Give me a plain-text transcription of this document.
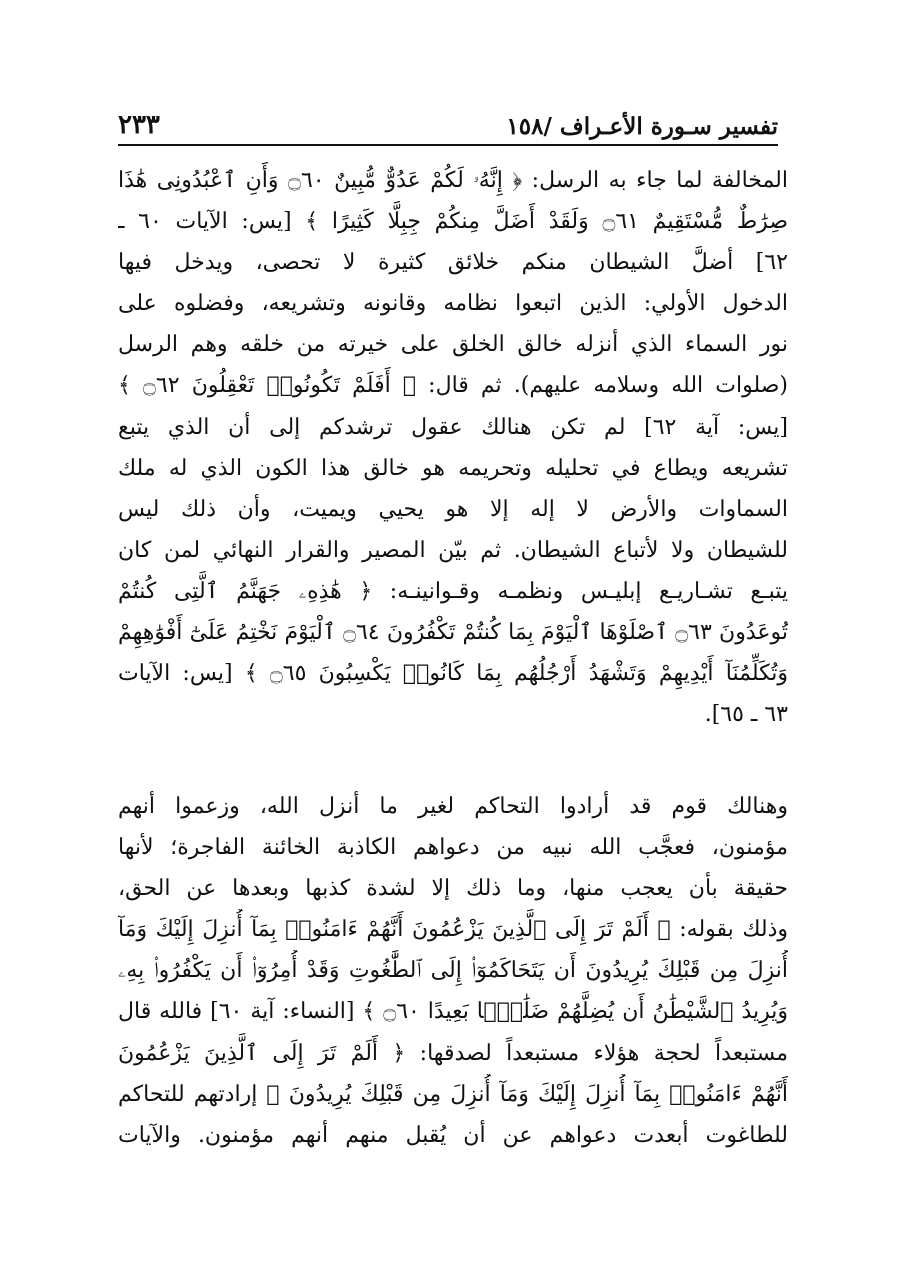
تفسير سـورة الأعـراف /١٥٨
٢٣٣
المخالفة لما جاء به الرسل: ﴿ إِنَّهُۥ لَكُمْ عَدُوٌّ مُّبِينٌ ۝٦٠ وَأَنِ ٱعْبُدُونِى هَٰذَا
صِرَٰطٌ مُّسْتَقِيمٌ ۝٦١ وَلَقَدْ أَضَلَّ مِنكُمْ جِبِلًّا كَثِيرًا ﴾ [يس: الآيات ٦٠ ـ
٦٢] أضلَّ الشيطان منكم خلائق كثيرة لا تحصى، ويدخل فيها
الدخول الأولي: الذين اتبعوا نظامه وقانونه وتشريعه، وفضلوه على
نور السماء الذي أنزله خالق الخلق على خيرته من خلقه وهم الرسل
(صلوات الله وسلامه عليهم). ثم قال: ﴿ أَفَلَمْ تَكُونُوا۟ تَعْقِلُونَ ۝٦٢ ﴾
[يس: آية ٦٢] لم تكن هنالك عقول ترشدكم إلى أن الذي يتبع
تشريعه ويطاع في تحليله وتحريمه هو خالق هذا الكون الذي له ملك
السماوات والأرض لا إله إلا هو يحيي ويميت، وأن ذلك ليس
للشيطان ولا لأتباع الشيطان. ثم بيّن المصير والقرار النهائي لمن كان
يتبـع تشـاريـع إبليـس ونظمـه وقـوانينـه: ﴿ هَٰذِهِۦ جَهَنَّمُ ٱلَّتِى كُنتُمْ
تُوعَدُونَ ۝٦٣ ٱصْلَوْهَا ٱلْيَوْمَ بِمَا كُنتُمْ تَكْفُرُونَ ۝٦٤ ٱلْيَوْمَ نَخْتِمُ عَلَىٰٓ أَفْوَٰهِهِمْ
وَتُكَلِّمُنَآ أَيْدِيهِمْ وَتَشْهَدُ أَرْجُلُهُم بِمَا كَانُوا۟ يَكْسِبُونَ ۝٦٥ ﴾ [يس: الآيات
٦٣ ـ ٦٥].
وهنالك قوم قد أرادوا التحاكم لغير ما أنزل الله، وزعموا أنهم
مؤمنون، فعجَّب الله نبيه من دعواهم الكاذبة الخائنة الفاجرة؛ لأنها
حقيقة بأن يعجب منها، وما ذلك إلا لشدة كذبها وبعدها عن الحق،
وذلك بقوله: ﴿ أَلَمْ تَرَ إِلَى ٱلَّذِينَ يَزْعُمُونَ أَنَّهُمْ ءَامَنُوا۟ بِمَآ أُنزِلَ إِلَيْكَ وَمَآ
أُنزِلَ مِن قَبْلِكَ يُرِيدُونَ أَن يَتَحَاكَمُوٓا۟ إِلَى ٱلطَّٰغُوتِ وَقَدْ أُمِرُوٓا۟ أَن يَكْفُرُوا۟ بِهِۦ
وَيُرِيدُ ٱلشَّيْطَٰنُ أَن يُضِلَّهُمْ ضَلَٰلًۢا بَعِيدًا ۝٦٠ ﴾ [النساء: آية ٦٠] فالله قال
مستبعداً لحجة هؤلاء مستبعداً لصدقها: ﴿ أَلَمْ تَرَ إِلَى ٱلَّذِينَ يَزْعُمُونَ
أَنَّهُمْ ءَامَنُوا۟ بِمَآ أُنزِلَ إِلَيْكَ وَمَآ أُنزِلَ مِن قَبْلِكَ يُرِيدُونَ ﴾ إرادتهم للتحاكم
للطاغوت أبعدت دعواهم عن أن يُقبل منهم أنهم مؤمنون. والآيات
